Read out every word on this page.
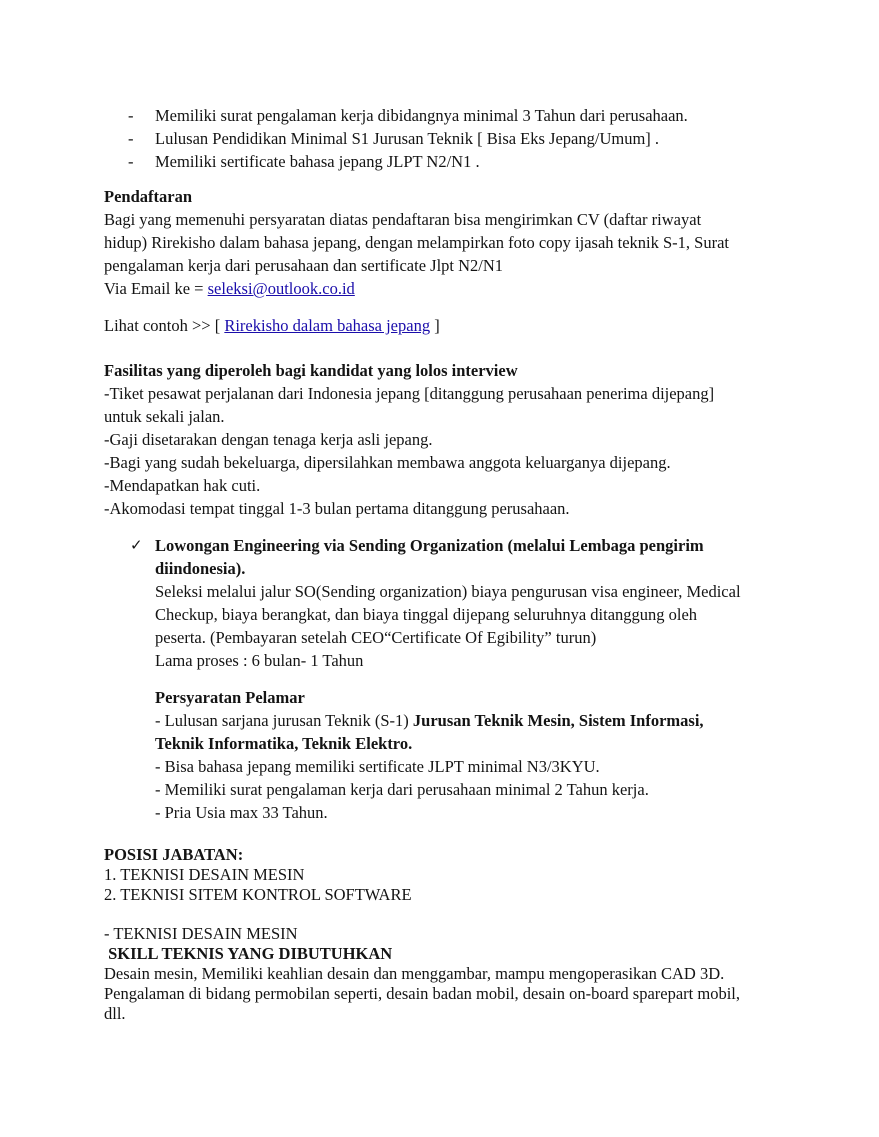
- Memiliki surat pengalaman kerja dibidangnya minimal 3 Tahun dari perusahaan.
- Lulusan Pendidikan Minimal S1 Jurusan Teknik [ Bisa Eks Jepang/Umum] .
- Memiliki sertificate bahasa jepang JLPT N2/N1 .
Pendaftaran
Bagi yang memenuhi persyaratan diatas pendaftaran bisa mengirimkan CV (daftar riwayat
hidup) Rirekisho dalam bahasa jepang, dengan melampirkan foto copy ijasah teknik S-1, Surat
pengalaman kerja dari perusahaan dan sertificate Jlpt N2/N1
Via Email ke = seleksi@outlook.co.id
Lihat contoh >> [ Rirekisho dalam bahasa jepang ]
Fasilitas yang diperoleh bagi kandidat yang lolos interview
-Tiket pesawat perjalanan dari Indonesia jepang [ditanggung perusahaan penerima dijepang]
untuk sekali jalan.
-Gaji disetarakan dengan tenaga kerja asli jepang.
-Bagi yang sudah bekeluarga, dipersilahkan membawa anggota keluarganya dijepang.
-Mendapatkan hak cuti.
-Akomodasi tempat tinggal 1-3 bulan pertama ditanggung perusahaan.
✓ Lowongan Engineering via Sending Organization (melalui Lembaga pengirim
diindonesia).
Seleksi melalui jalur SO(Sending organization) biaya pengurusan visa engineer, Medical
Checkup, biaya berangkat, dan biaya tinggal dijepang seluruhnya ditanggung oleh
peserta. (Pembayaran setelah CEO“Certificate Of Egibility” turun)
Lama proses : 6 bulan- 1 Tahun
Persyaratan Pelamar
- Lulusan sarjana jurusan Teknik (S-1) Jurusan Teknik Mesin, Sistem Informasi,
Teknik Informatika, Teknik Elektro.
- Bisa bahasa jepang memiliki sertificate JLPT minimal N3/3KYU.
- Memiliki surat pengalaman kerja dari perusahaan minimal 2 Tahun kerja.
- Pria Usia max 33 Tahun.
POSISI JABATAN:
1. TEKNISI DESAIN MESIN
2. TEKNISI SITEM KONTROL SOFTWARE
- TEKNISI DESAIN MESIN
SKILL TEKNIS YANG DIBUTUHKAN
Desain mesin, Memiliki keahlian desain dan menggambar, mampu mengoperasikan CAD 3D.
Pengalaman di bidang permobilan seperti, desain badan mobil, desain on-board sparepart mobil,
dll.
